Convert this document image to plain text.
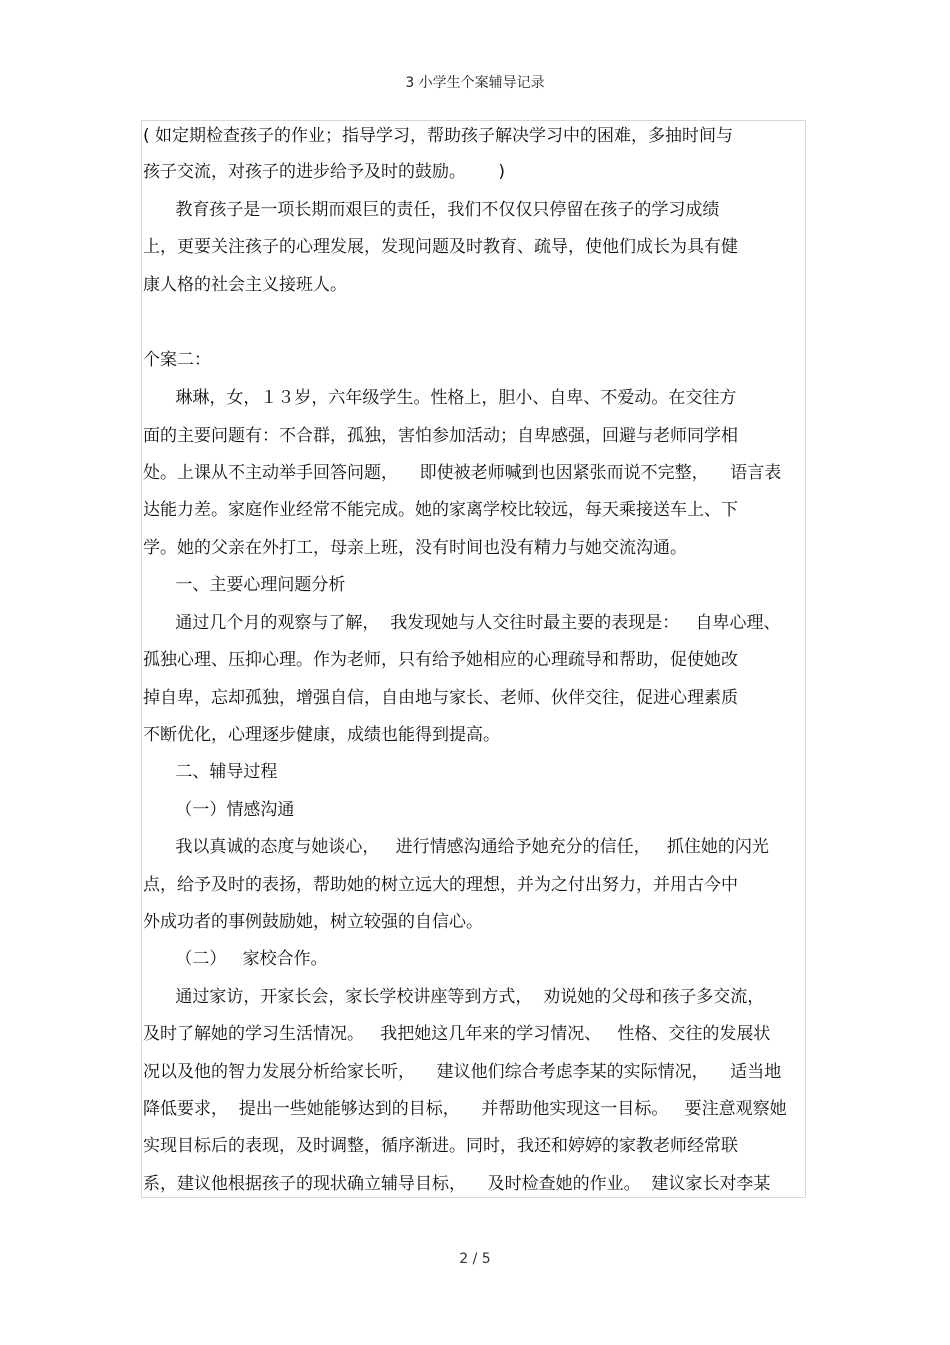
3 小学生个案辅导记录
( 如定期检查孩子的作业；指导学习，帮助孩子解决学习中的困难，多抽时间与
孩子交流，对孩子的进步给予及时的鼓励。      )
教育孩子是一项长期而艰巨的责任，我们不仅仅只停留在孩子的学习成绩
上，更要关注孩子的心理发展，发现问题及时教育、疏导，使他们成长为具有健
康人格的社会主义接班人。
个案二：
琳琳，女，１３岁，六年级学生。性格上，胆小、自卑、不爱动。在交往方
面的主要问题有：不合群，孤独，害怕参加活动；自卑感强，回避与老师同学相
处。上课从不主动举手回答问题，    即使被老师喊到也因紧张而说不完整，    语言表
达能力差。家庭作业经常不能完成。她的家离学校比较远，每天乘接送车上、下
学。她的父亲在外打工，母亲上班，没有时间也没有精力与她交流沟通。
一、主要心理问题分析
通过几个月的观察与了解，  我发现她与人交往时最主要的表现是：   自卑心理、
孤独心理、压抑心理。作为老师，只有给予她相应的心理疏导和帮助，促使她改
掉自卑，忘却孤独，增强自信，自由地与家长、老师、伙伴交往，促进心理素质
不断优化，心理逐步健康，成绩也能得到提高。
二、辅导过程
（一）情感沟通
我以真诚的态度与她谈心，   进行情感沟通给予她充分的信任，   抓住她的闪光
点，给予及时的表扬，帮助她的树立远大的理想，并为之付出努力，并用古今中
外成功者的事例鼓励她，树立较强的自信心。
（二）   家校合作。
通过家访，开家长会，家长学校讲座等到方式，  劝说她的父母和孩子多交流，
及时了解她的学习生活情况。   我把她这几年来的学习情况、   性格、交往的发展状
况以及他的智力发展分析给家长听，    建议他们综合考虑李某的实际情况，    适当地
降低要求，  提出一些她能够达到的目标，    并帮助他实现这一目标。   要注意观察她
实现目标后的表现，及时调整，循序渐进。同时，我还和婷婷的家教老师经常联
系，建议他根据孩子的现状确立辅导目标，    及时检查她的作业。  建议家长对李某
2 / 5
